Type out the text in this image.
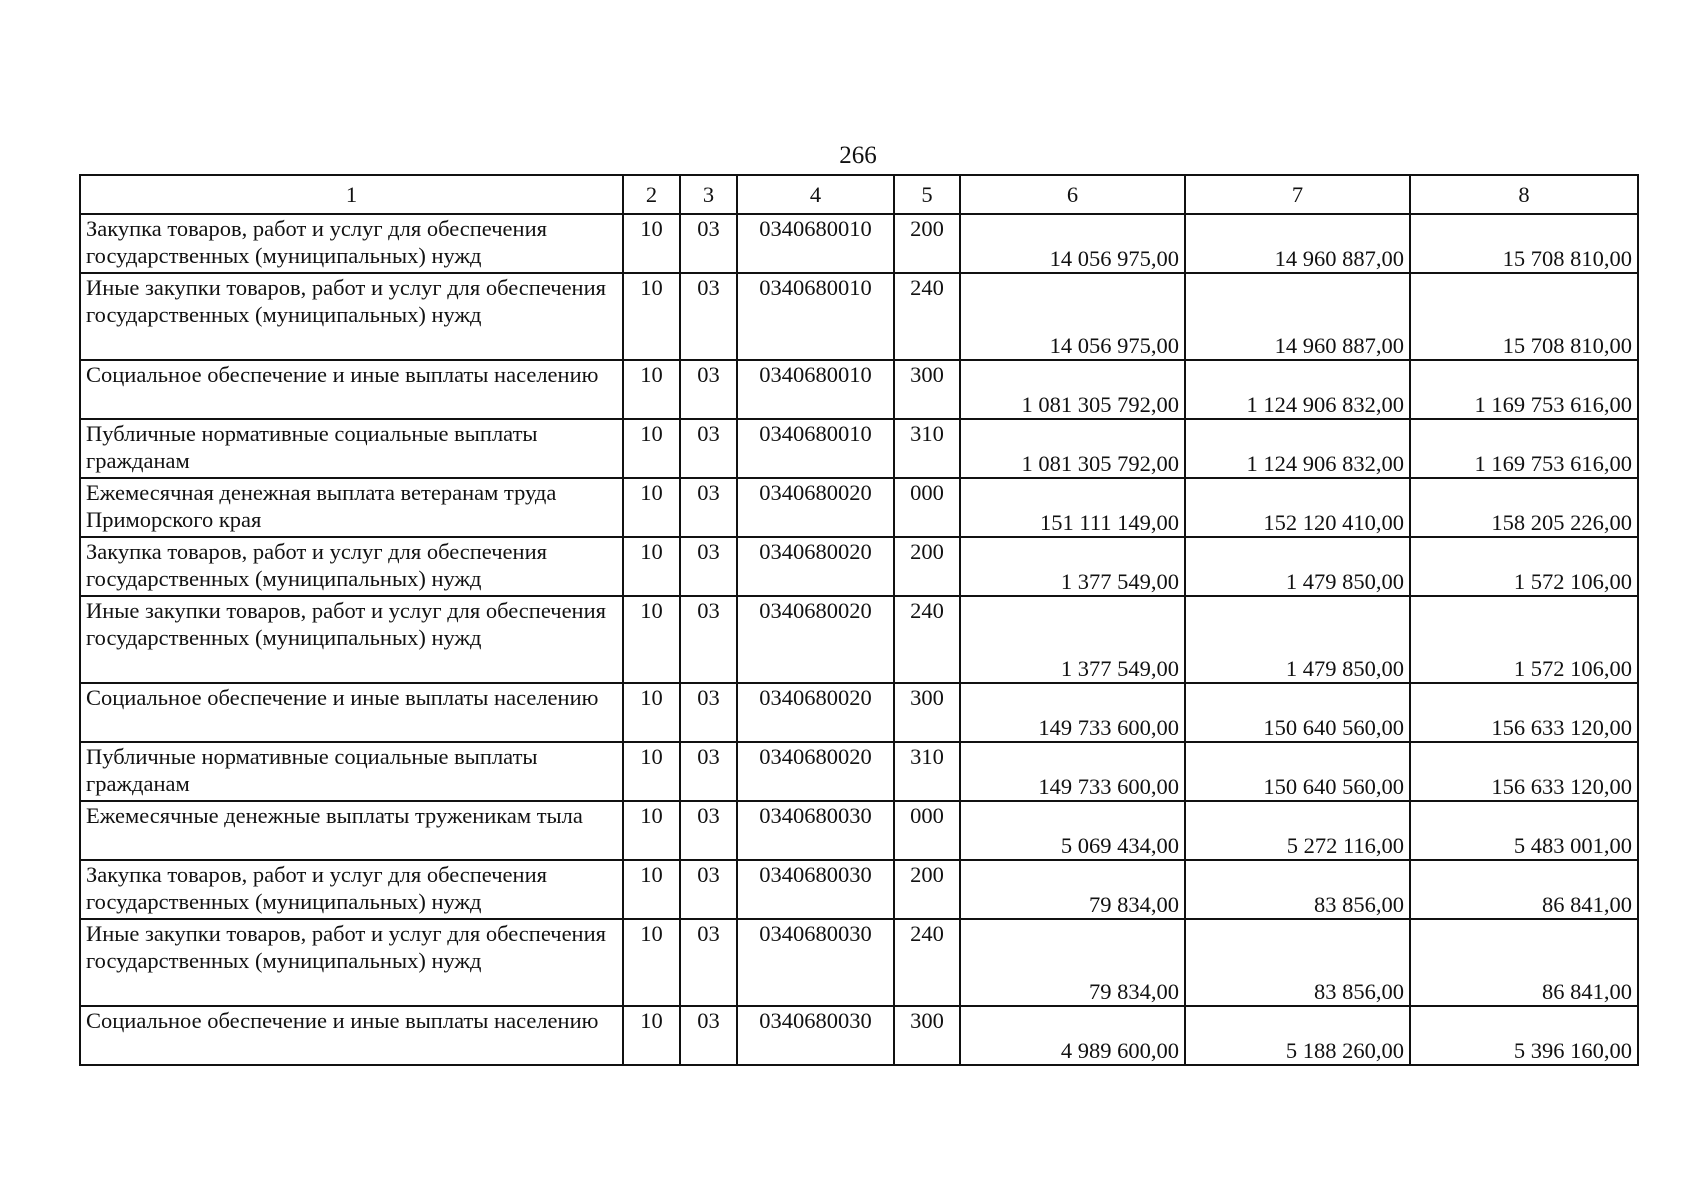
266
1	2	3	4	5	6	7	8
Закупка товаров, работ и услуг для обеспечения государственных (муниципальных) нужд	10	03	0340680010	200	14 056 975,00	14 960 887,00	15 708 810,00
Иные закупки товаров, работ и услуг для обеспечения государственных (муниципальных) нужд	10	03	0340680010	240	14 056 975,00	14 960 887,00	15 708 810,00
Социальное обеспечение и иные выплаты населению	10	03	0340680010	300	1 081 305 792,00	1 124 906 832,00	1 169 753 616,00
Публичные нормативные социальные выплаты гражданам	10	03	0340680010	310	1 081 305 792,00	1 124 906 832,00	1 169 753 616,00
Ежемесячная денежная выплата ветеранам труда Приморского края	10	03	0340680020	000	151 111 149,00	152 120 410,00	158 205 226,00
Закупка товаров, работ и услуг для обеспечения государственных (муниципальных) нужд	10	03	0340680020	200	1 377 549,00	1 479 850,00	1 572 106,00
Иные закупки товаров, работ и услуг для обеспечения государственных (муниципальных) нужд	10	03	0340680020	240	1 377 549,00	1 479 850,00	1 572 106,00
Социальное обеспечение и иные выплаты населению	10	03	0340680020	300	149 733 600,00	150 640 560,00	156 633 120,00
Публичные нормативные социальные выплаты гражданам	10	03	0340680020	310	149 733 600,00	150 640 560,00	156 633 120,00
Ежемесячные денежные выплаты труженикам тыла	10	03	0340680030	000	5 069 434,00	5 272 116,00	5 483 001,00
Закупка товаров, работ и услуг для обеспечения государственных (муниципальных) нужд	10	03	0340680030	200	79 834,00	83 856,00	86 841,00
Иные закупки товаров, работ и услуг для обеспечения государственных (муниципальных) нужд	10	03	0340680030	240	79 834,00	83 856,00	86 841,00
Социальное обеспечение и иные выплаты населению	10	03	0340680030	300	4 989 600,00	5 188 260,00	5 396 160,00
